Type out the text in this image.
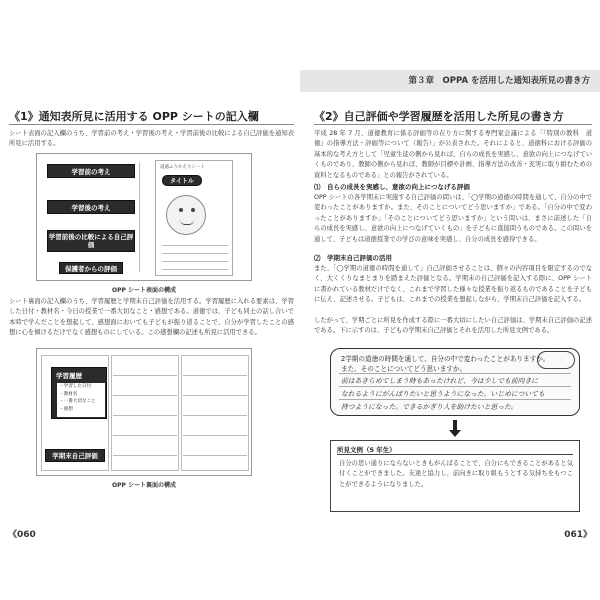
《1》通知表所見に活用する OPP シートの記入欄
シート表面の記入欄のうち、学習前の考え・学習後の考え・学習前後の比較による自己評価を通知表所見に活用する。
学習前の考え
学習後の考え
学習前後の比較による自己評価
保護者からの評価
道徳ふりかえりシート
タイトル
OPP シート表面の構成
シート裏面の記入欄のうち、学習履歴と学期末自己評価を活用する。学習履歴に入れる要素は、学習した日付・教材名・今日の授業で一番大切なこと・感想である。道徳では、子ども同士の話し合いで本時で学んだことを想起して、感想面においても子どもが振り返ることで、自分が学習したことの感想に心を傾けるだけでなく感想ものにしている。この感想欄の記述も所見に活用できる。
学習履歴
・学習した日付
・教材名
・一番大切なこと
・感想
学期末自己評価
OPP シート裏面の構成
《060
第３章　OPPA を活用した通知表所見の書き方
《2》自己評価や学習履歴を活用した所見の書き方
平成 28 年 7 月、道徳教育に係る評価等の在り方に関する専門家会議による「『特別の教科　道徳』の指導方法・評価等について（報告）」が公表された。それによると、道徳科における評価の基本的な考え方として「児童生徒の側から見れば、自らの成長を実感し、意欲の向上につなげていくものであり、教師の側から見れば、教師が目標や計画、指導方法の改善・充実に取り組むための資料となるものである」との報告がされている。
⑴　自らの成長を実感し、意欲の向上につなげる評価
OPP シートの各学期末に実施する自己評価の問いは、「◯学期の道徳の時間を通して、自分の中で変わったことがありますか。また、そのことについてどう思いますか」である。「自分の中で変わったことがありますか」「そのことについてどう思いますか」という問いは、まさに前述した「自らの成長を実感し、意欲の向上につなげていくもの」を子どもに直接問うものである。この問いを通して、子どもは道徳授業での学びの意味を実感し、自分の成長を感得できる。
⑵　学期末自己評価の活用
また、「◯学期の道徳の時間を通して」自己評価させることは、個々の内容項目を限定するのでなく、大くくりなまとまりを踏まえた評価となる。学期末の自己評価を記入する際に、OPP シートに書かれている教材だけでなく、これまで学習した様々な授業を振り返るものであることを子どもに伝え、記述させる。子どもは、これまでの授業を想起しながら、学期末自己評価を記入する。
したがって、学期ごとに所見を作成する際に一番大切にしたい自己評価は、学期末自己評価の記述である。下に示すのは、子どもの学期末自己評価とそれを活用した所見文例である。
2学期の道徳の時間を通して、自分の中で変わったことがありますか。
また、そのことについてどう思いますか。
前はあきらめてしまう時もあったけれど、今は少しでも前向きに
なれるようにがんばりたいと思うようになった。いじめについても
持つようになった。できるかぎり人を助けたいと思った。
所見文例（5 年生）
自分の思い通りにならないときもがんばることで、自分にもできることがあると気付くことができました。友達と協力し、前向きに取り組もうとする気持ちをもつことができるようになりました。
061》
